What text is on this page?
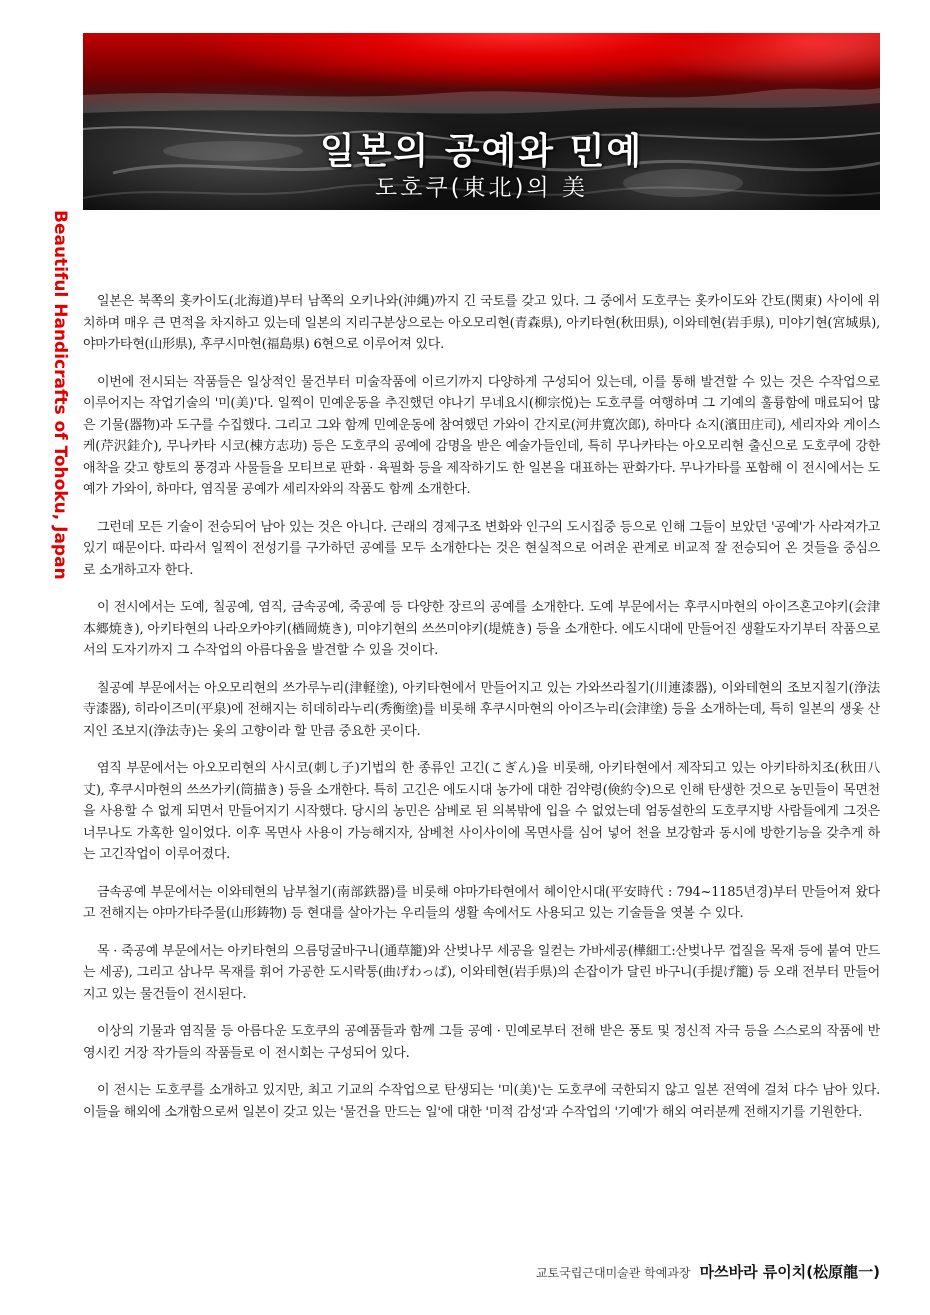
일본의 공예와 민예
도호쿠(東北)의 美
Beautiful Handicrafts of Tohoku, Japan	일본은 북쪽의 홋카이도(北海道)부터 남쪽의 오키나와(沖縄)까지 긴 국토를 갖고 있다. 그 중에서 도호쿠는 홋카이도와 간토(関東) 사이에 위치하며 매우 큰 면적을 차지하고 있는데 일본의 지리구분상으로는 아오모리현(青森県), 아키타현(秋田県), 이와테현(岩手県), 미야기현(宮城県), 야마가타현(山形県), 후쿠시마현(福島県) 6현으로 이루어져 있다.

이번에 전시되는 작품들은 일상적인 물건부터 미술작품에 이르기까지 다양하게 구성되어 있는데, 이를 통해 발견할 수 있는 것은 수작업으로 이루어지는 작업기술의 '미(美)'다. 일찍이 민예운동을 추진했던 야나기 무네요시(柳宗悦)는 도호쿠를 여행하며 그 기예의 훌륭함에 매료되어 많은 기물(器物)과 도구를 수집했다. 그리고 그와 함께 민예운동에 참여했던 가와이 간지로(河井寛次郎), 하마다 쇼지(濱田庄司), 세리자와 게이스케(芹沢銈介), 무나카타 시코(棟方志功) 등은 도호쿠의 공예에 감명을 받은 예술가들인데, 특히 무나카타는 아오모리현 출신으로 도호쿠에 강한 애착을 갖고 향토의 풍경과 사물들을 모티브로 판화 · 육필화 등을 제작하기도 한 일본을 대표하는 판화가다. 무나가타를 포함해 이 전시에서는 도예가 가와이, 하마다, 염직물 공예가 세리자와의 작품도 함께 소개한다.

그런데 모든 기술이 전승되어 남아 있는 것은 아니다. 근래의 경제구조 변화와 인구의 도시집중 등으로 인해 그들이 보았던 '공예'가 사라져가고 있기 때문이다. 따라서 일찍이 전성기를 구가하던 공예를 모두 소개한다는 것은 현실적으로 어려운 관계로 비교적 잘 전승되어 온 것들을 중심으로 소개하고자 한다.

이 전시에서는 도예, 칠공예, 염직, 금속공예, 죽공예 등 다양한 장르의 공예를 소개한다. 도예 부문에서는 후쿠시마현의 아이즈혼고야키(会津本郷焼き), 아키타현의 나라오카야키(楢岡焼き), 미야기현의 쓰쓰미야키(堤焼き) 등을 소개한다. 에도시대에 만들어진 생활도자기부터 작품으로서의 도자기까지 그 수작업의 아름다움을 발견할 수 있을 것이다.

칠공예 부문에서는 아오모리현의 쓰가루누리(津軽塗), 아키타현에서 만들어지고 있는 가와쓰라칠기(川連漆器), 이와테현의 조보지칠기(浄法寺漆器), 히라이즈미(平泉)에 전해지는 히데히라누리(秀衡塗)를 비롯해 후쿠시마현의 아이즈누리(会津塗) 등을 소개하는데, 특히 일본의 생옻 산지인 조보지(浄法寺)는 옻의 고향이라 할 만큼 중요한 곳이다.

염직 부문에서는 아오모리현의 사시코(刺し子)기법의 한 종류인 고긴(こぎん)을 비롯해, 아키타현에서 제작되고 있는 아키타하치조(秋田八丈), 후쿠시마현의 쓰쓰가키(筒描き) 등을 소개한다. 특히 고긴은 에도시대 농가에 대한 검약령(倹約令)으로 인해 탄생한 것으로 농민들이 목면천을 사용할 수 없게 되면서 만들어지기 시작했다. 당시의 농민은 삼베로 된 의복밖에 입을 수 없었는데 엄동설한의 도호쿠지방 사람들에게 그것은 너무나도 가혹한 일이었다. 이후 목면사 사용이 가능해지자, 삼베천 사이사이에 목면사를 심어 넣어 천을 보강함과 동시에 방한기능을 갖추게 하는 고긴작업이 이루어졌다.

금속공예 부문에서는 이와테현의 남부철기(南部鉄器)를 비롯해 야마가타현에서 헤이안시대(平安時代 : 794~1185년경)부터 만들어져 왔다고 전해지는 야마가타주물(山形鋳物) 등 현대를 살아가는 우리들의 생활 속에서도 사용되고 있는 기술들을 엿볼 수 있다.

목 · 죽공예 부문에서는 아키타현의 으름덩굴바구니(通草籠)와 산벚나무 세공을 일컫는 가바세공(樺細工:산벚나무 껍질을 목재 등에 붙여 만드는 세공), 그리고 삼나무 목재를 휘어 가공한 도시락통(曲げわっぱ), 이와테현(岩手県)의 손잡이가 달린 바구니(手提げ籠) 등 오래 전부터 만들어지고 있는 물건들이 전시된다.

이상의 기물과 염직물 등 아름다운 도호쿠의 공예품들과 함께 그들 공예 · 민예로부터 전해 받은 풍토 및 정신적 자극 등을 스스로의 작품에 반영시킨 거장 작가들의 작품들로 이 전시회는 구성되어 있다.

이 전시는 도호쿠를 소개하고 있지만, 최고 기교의 수작업으로 탄생되는 '미(美)'는 도호쿠에 국한되지 않고 일본 전역에 걸쳐 다수 남아 있다. 이들을 해외에 소개함으로써 일본이 갖고 있는 '물건을 만드는 일'에 대한 '미적 감성'과 수작업의 '기예'가 해외 여러분께 전해지기를 기원한다.

교토국립근대미술관 학예과장 마쓰바라 류이치(松原龍一)
